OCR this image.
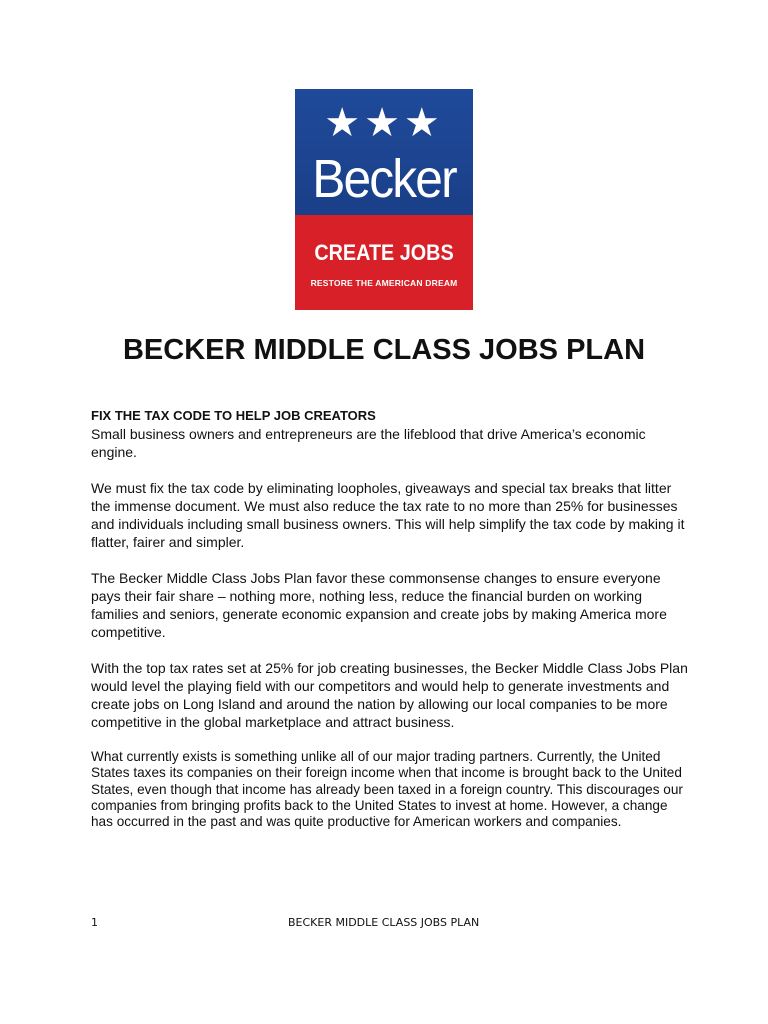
★★★
Becker
CREATE JOBS
RESTORE THE AMERICAN DREAM
BECKER MIDDLE CLASS JOBS PLAN
FIX THE TAX CODE TO HELP JOB CREATORS

Small business owners and entrepreneurs are the lifeblood that drive America’s economic engine.

We must fix the tax code by eliminating loopholes, giveaways and special tax breaks that litter the immense document. We must also reduce the tax rate to no more than 25% for businesses and individuals including small business owners. This will help simplify the tax code by making it flatter, fairer and simpler.

The Becker Middle Class Jobs Plan favor these commonsense changes to ensure everyone pays their fair share – nothing more, nothing less, reduce the financial burden on working families and seniors, generate economic expansion and create jobs by making America more competitive.

With the top tax rates set at 25% for job creating businesses, the Becker Middle Class Jobs Plan would level the playing field with our competitors and would help to generate investments and create jobs on Long Island and around the nation by allowing our local companies to be more competitive in the global marketplace and attract business.

What currently exists is something unlike all of our major trading partners. Currently, the United States taxes its companies on their foreign income when that income is brought back to the United States, even though that income has already been taxed in a foreign country. This discourages our companies from bringing profits back to the United States to invest at home. However, a change has occurred in the past and was quite productive for American workers and companies.

1	BECKER MIDDLE CLASS JOBS PLAN
